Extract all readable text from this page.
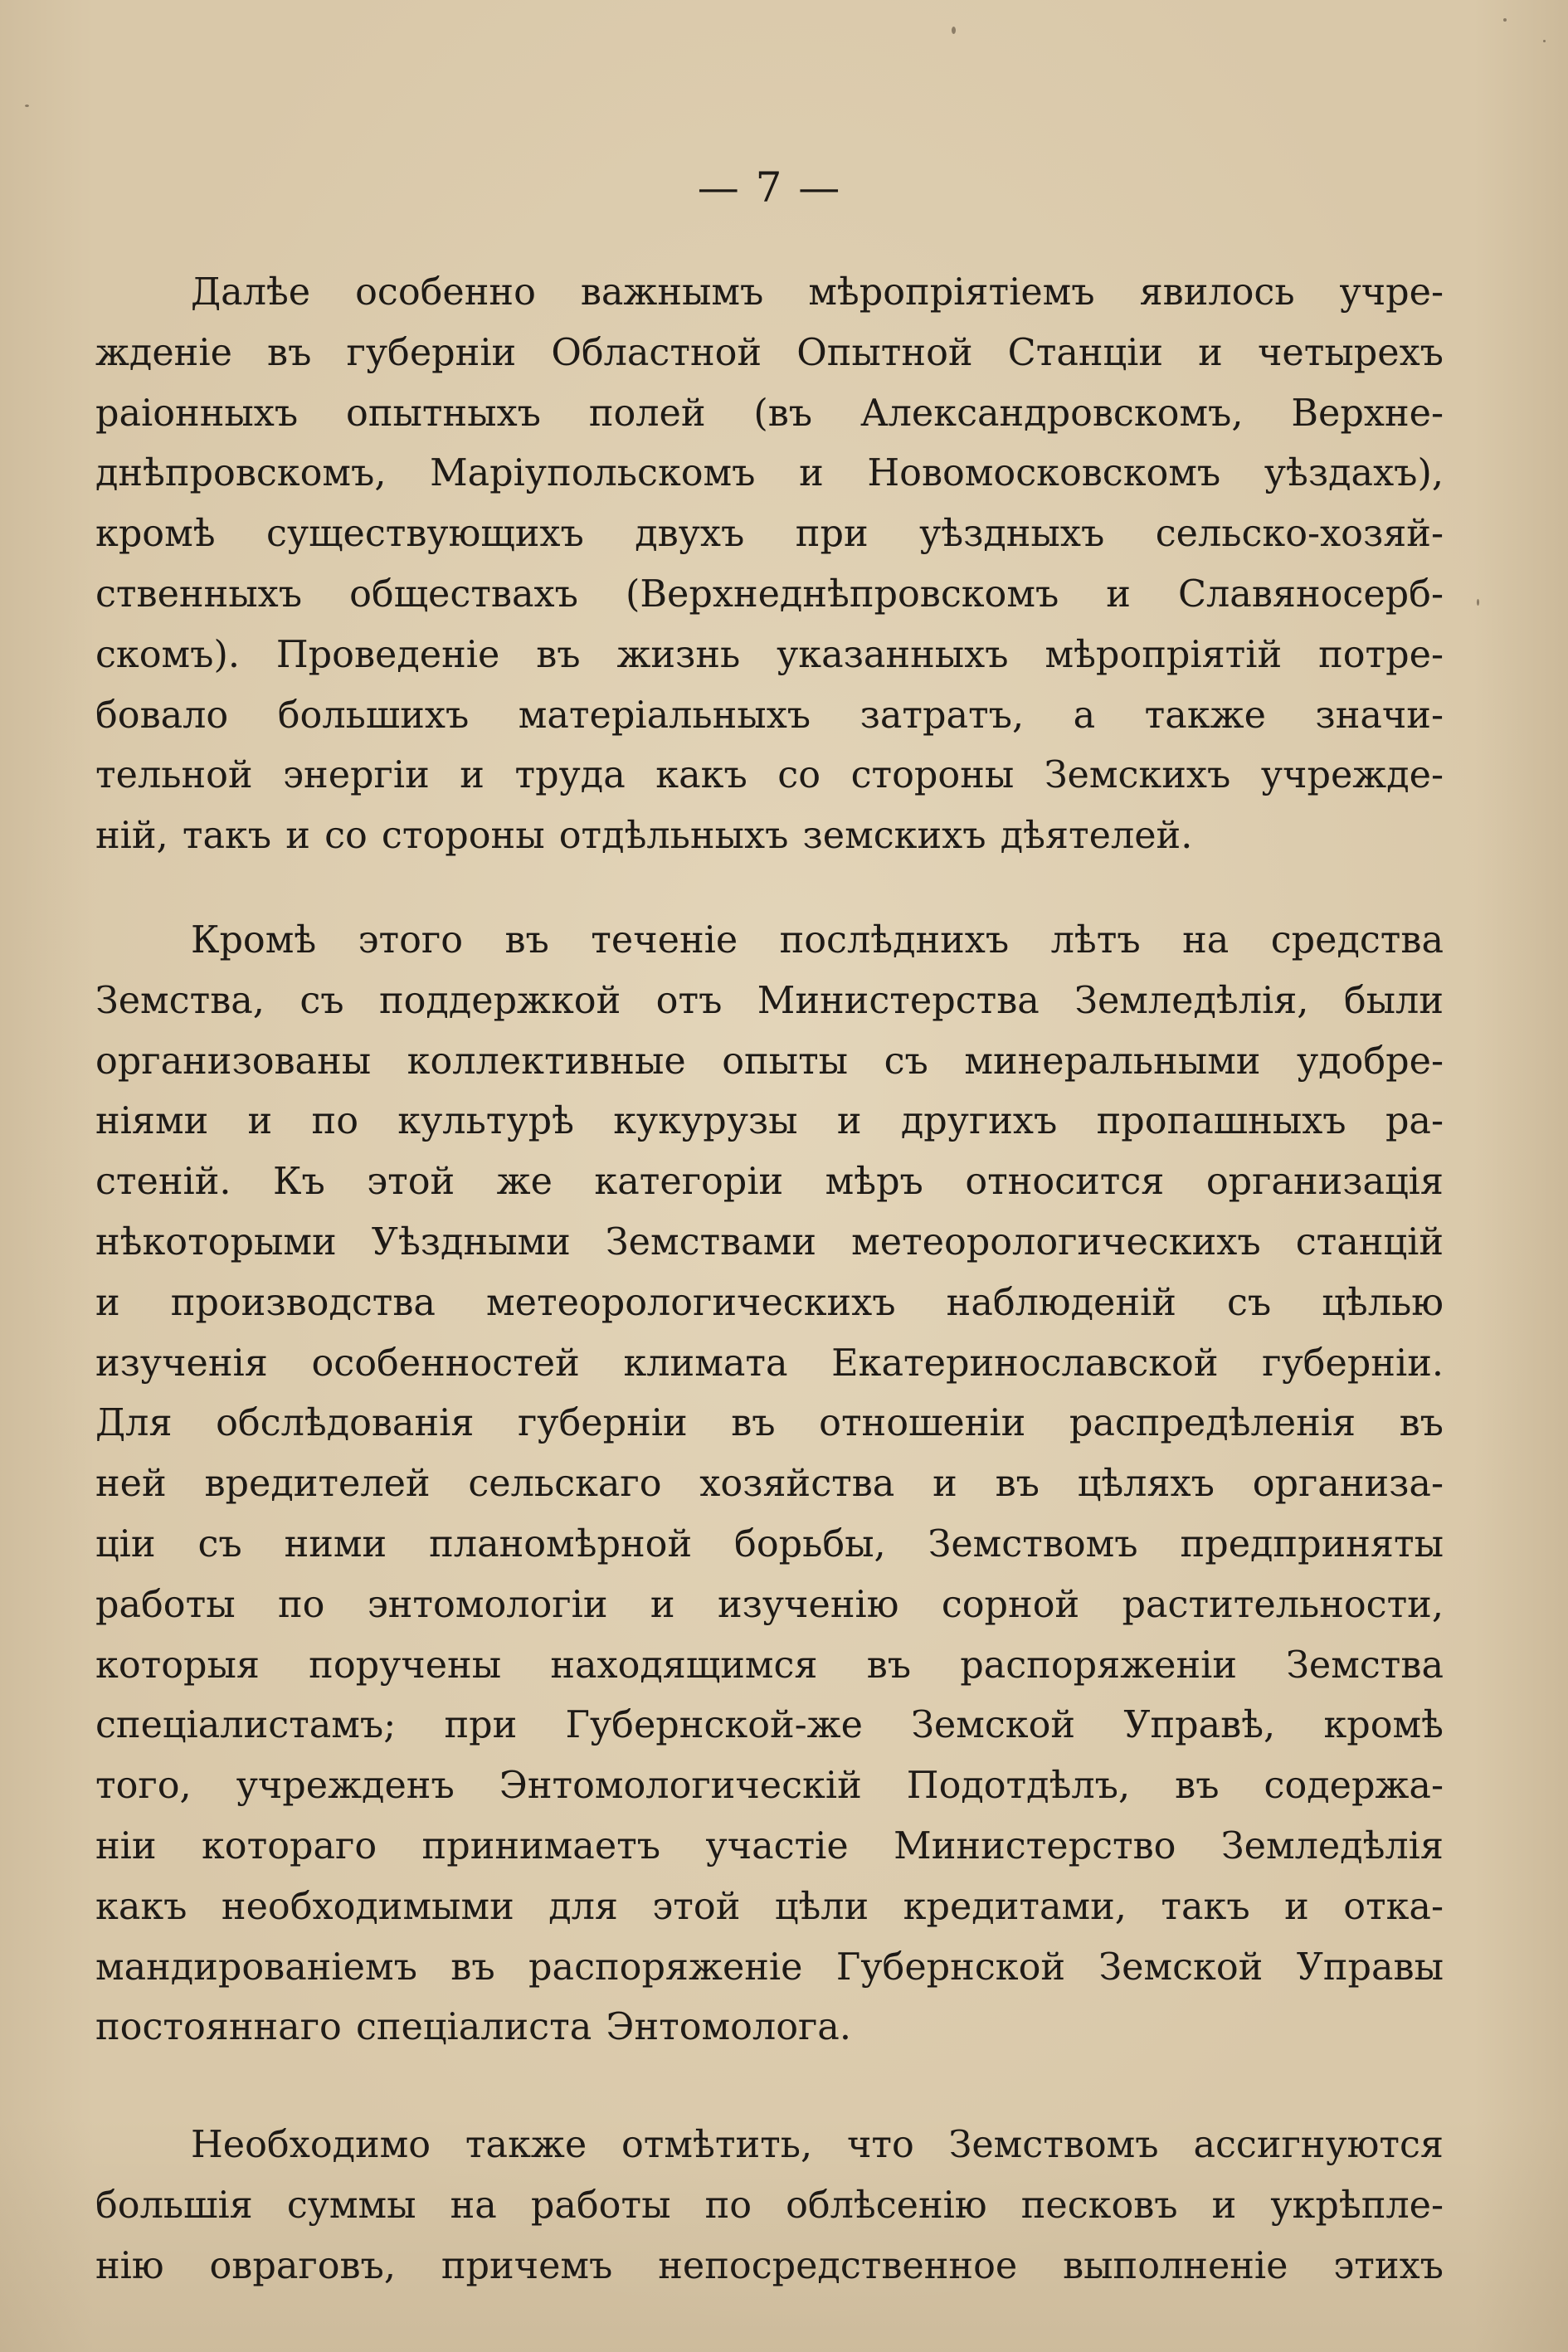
— 7 —
Далѣе особенно важнымъ мѣропріятіемъ явилось учре-
жденіе въ губерніи Областной Опытной Станціи и четырехъ
раіонныхъ опытныхъ полей (въ Александровскомъ, Верхне-
днѣпровскомъ, Маріупольскомъ и Новомосковскомъ уѣздахъ),
кромѣ существующихъ двухъ при уѣздныхъ сельско-хозяй-
ственныхъ обществахъ (Верхнеднѣпровскомъ и Славяносерб-
скомъ). Проведеніе въ жизнь указанныхъ мѣропріятій потре-
бовало большихъ матеріальныхъ затратъ, а также значи-
тельной энергіи и труда какъ со стороны Земскихъ учрежде-
ній, такъ и со стороны отдѣльныхъ земскихъ дѣятелей.
Кромѣ этого въ теченіе послѣднихъ лѣтъ на средства
Земства, съ поддержкой отъ Министерства Земледѣлія, были
организованы коллективные опыты съ минеральными удобре-
ніями и по культурѣ кукурузы и другихъ пропашныхъ ра-
стеній. Къ этой же категоріи мѣръ относится организація
нѣкоторыми Уѣздными Земствами метеорологическихъ станцій
и производства метеорологическихъ наблюденій съ цѣлью
изученія особенностей климата Екатеринославской губерніи.
Для обслѣдованія губерніи въ отношеніи распредѣленія въ
ней вредителей сельскаго хозяйства и въ цѣляхъ организа-
ціи съ ними планомѣрной борьбы, Земствомъ предприняты
работы по энтомологіи и изученію сорной растительности,
которыя поручены находящимся въ распоряженіи Земства
спеціалистамъ; при Губернской-же Земской Управѣ, кромѣ
того, учрежденъ Энтомологическій Подотдѣлъ, въ содержа-
ніи котораго принимаетъ участіе Министерство Земледѣлія
какъ необходимыми для этой цѣли кредитами, такъ и отка-
мандированіемъ въ распоряженіе Губернской Земской Управы
постояннаго спеціалиста Энтомолога.
Необходимо также отмѣтить, что Земствомъ ассигнуются
большія суммы на работы по облѣсенію песковъ и укрѣпле-
нію овраговъ, причемъ непосредственное выполненіе этихъ
